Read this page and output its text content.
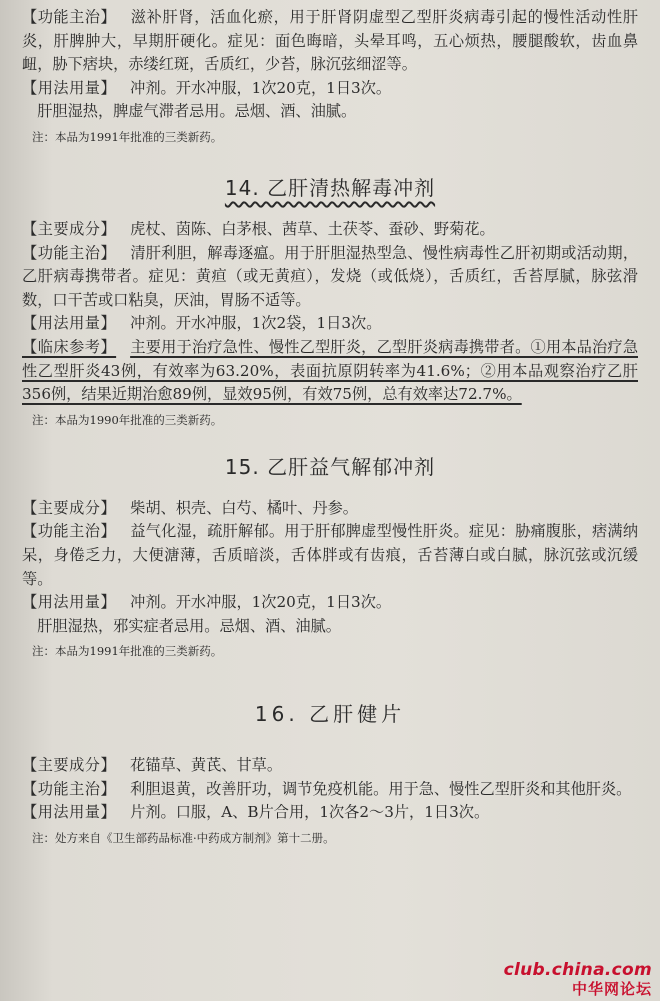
【功能主治】 滋补肝肾，活血化瘀，用于肝肾阴虚型乙型肝炎病毒引起的慢性活动性肝炎，肝脾肿大，早期肝硬化。症见：面色晦暗，头晕耳鸣，五心烦热，腰腿酸软，齿血鼻衄，胁下痞块，赤缕红斑，舌质红，少苔，脉沉弦细涩等。

【用法用量】 冲剂。开水冲服，1次20克，1日3次。

肝胆湿热，脾虚气滞者忌用。忌烟、酒、油腻。

注：本品为1991年批准的三类新药。

14. 乙肝清热解毒冲剂

【主要成分】 虎杖、茵陈、白茅根、茜草、土茯苓、蚕砂、野菊花。

【功能主治】 清肝利胆，解毒逐瘟。用于肝胆湿热型急、慢性病毒性乙肝初期或活动期，乙肝病毒携带者。症见：黄疸（或无黄疸），发烧（或低烧），舌质红，舌苔厚腻，脉弦滑数，口干苦或口粘臭，厌油，胃肠不适等。

【用法用量】 冲剂。开水冲服，1次2袋，1日3次。

【临床参考】 主要用于治疗急性、慢性乙型肝炎，乙型肝炎病毒携带者。①用本品治疗急性乙型肝炎43例，有效率为63.20%，表面抗原阴转率为41.6%；②用本品观察治疗乙肝356例，结果近期治愈89例，显效95例，有效75例，总有效率达72.7%。

注：本品为1990年批准的三类新药。

15. 乙肝益气解郁冲剂

【主要成分】 柴胡、枳壳、白芍、橘叶、丹参。

【功能主治】 益气化湿，疏肝解郁。用于肝郁脾虚型慢性肝炎。症见：胁痛腹胀，痞满纳呆，身倦乏力，大便溏薄，舌质暗淡，舌体胖或有齿痕，舌苔薄白或白腻，脉沉弦或沉缓等。

【用法用量】 冲剂。开水冲服，1次20克，1日3次。

肝胆湿热，邪实症者忌用。忌烟、酒、油腻。

注：本品为1991年批准的三类新药。

16. 乙肝健片

【主要成分】 花锚草、黄芪、甘草。

【功能主治】 利胆退黄，改善肝功，调节免疫机能。用于急、慢性乙型肝炎和其他肝炎。

【用法用量】 片剂。口服，A、B片合用，1次各2～3片，1日3次。

注：处方来自《卫生部药品标准·中药成方制剂》第十二册。

club.china.com
中华网论坛
